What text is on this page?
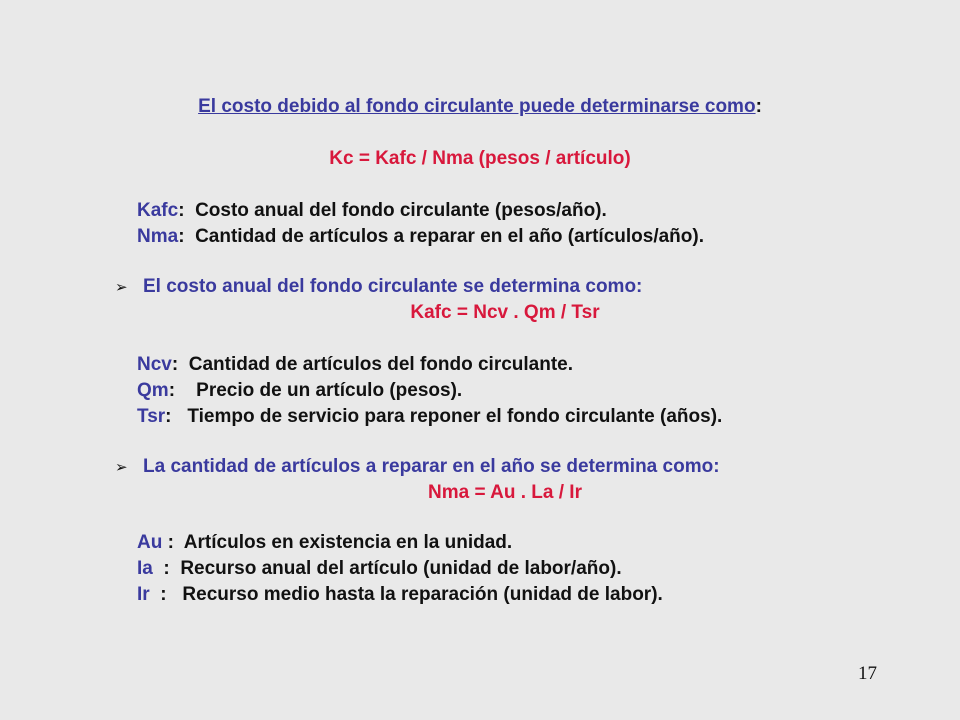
El costo debido al fondo circulante puede determinarse como:
Kc = Kafc / Nma (pesos / artículo)
Kafc:  Costo anual del fondo circulante (pesos/año).
Nma:  Cantidad de artículos a reparar en el año (artículos/año).
➢ El costo anual del fondo circulante se determina como:
Kafc = Ncv . Qm / Tsr
Ncv:  Cantidad de artículos del fondo circulante.
Qm:    Precio de un artículo (pesos).
Tsr:   Tiempo de servicio para reponer el fondo circulante (años).
➢ La cantidad de artículos a reparar en el año se determina como:
Nma = Au . La / Ir
Au :  Artículos en existencia en la unidad.
Ia  :  Recurso anual del artículo (unidad de labor/año).
Ir  :   Recurso medio hasta la reparación (unidad de labor).
17
